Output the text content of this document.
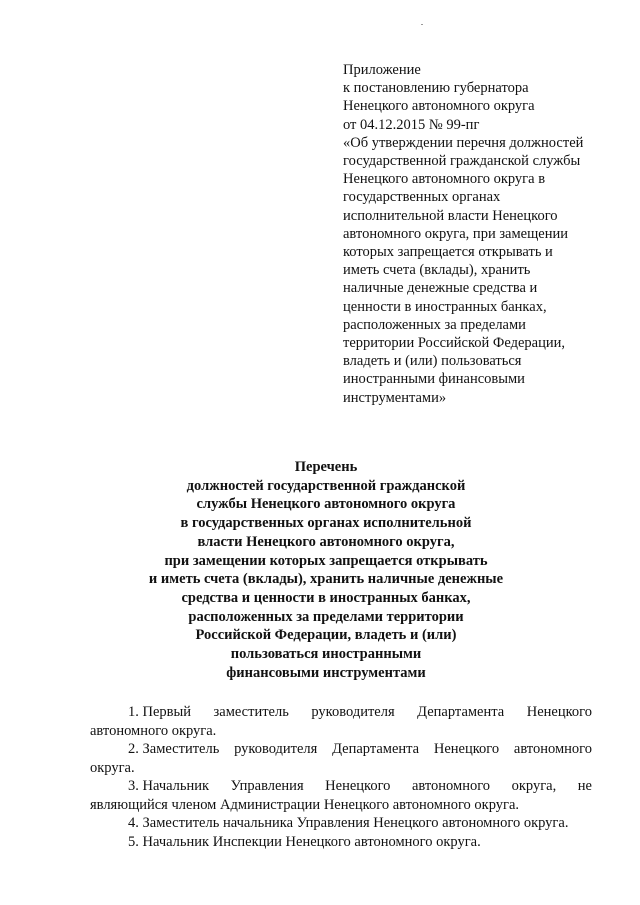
Приложение
к постановлению губернатора
Ненецкого автономного округа
от 04.12.2015 № 99-пг
«Об утверждении перечня должностей
государственной гражданской службы
Ненецкого автономного округа в
государственных органах
исполнительной власти Ненецкого
автономного округа, при замещении
которых запрещается открывать и
иметь счета (вклады), хранить
наличные денежные средства и
ценности в иностранных банках,
расположенных за пределами
территории Российской Федерации,
владеть и (или) пользоваться
иностранными финансовыми
инструментами»
Перечень
должностей государственной гражданской
службы Ненецкого автономного округа
в государственных органах исполнительной
власти Ненецкого автономного округа,
при замещении которых запрещается открывать
и иметь счета (вклады), хранить наличные денежные
средства и ценности в иностранных банках,
расположенных за пределами территории
Российской Федерации, владеть и (или)
пользоваться иностранными
финансовыми инструментами
1. Первый заместитель руководителя Департамента Ненецкого
автономного округа.
2. Заместитель руководителя Департамента Ненецкого автономного
округа.
3. Начальник Управления Ненецкого автономного округа, не
являющийся членом Администрации Ненецкого автономного округа.
4. Заместитель начальника Управления Ненецкого автономного округа.
5. Начальник Инспекции Ненецкого автономного округа.
